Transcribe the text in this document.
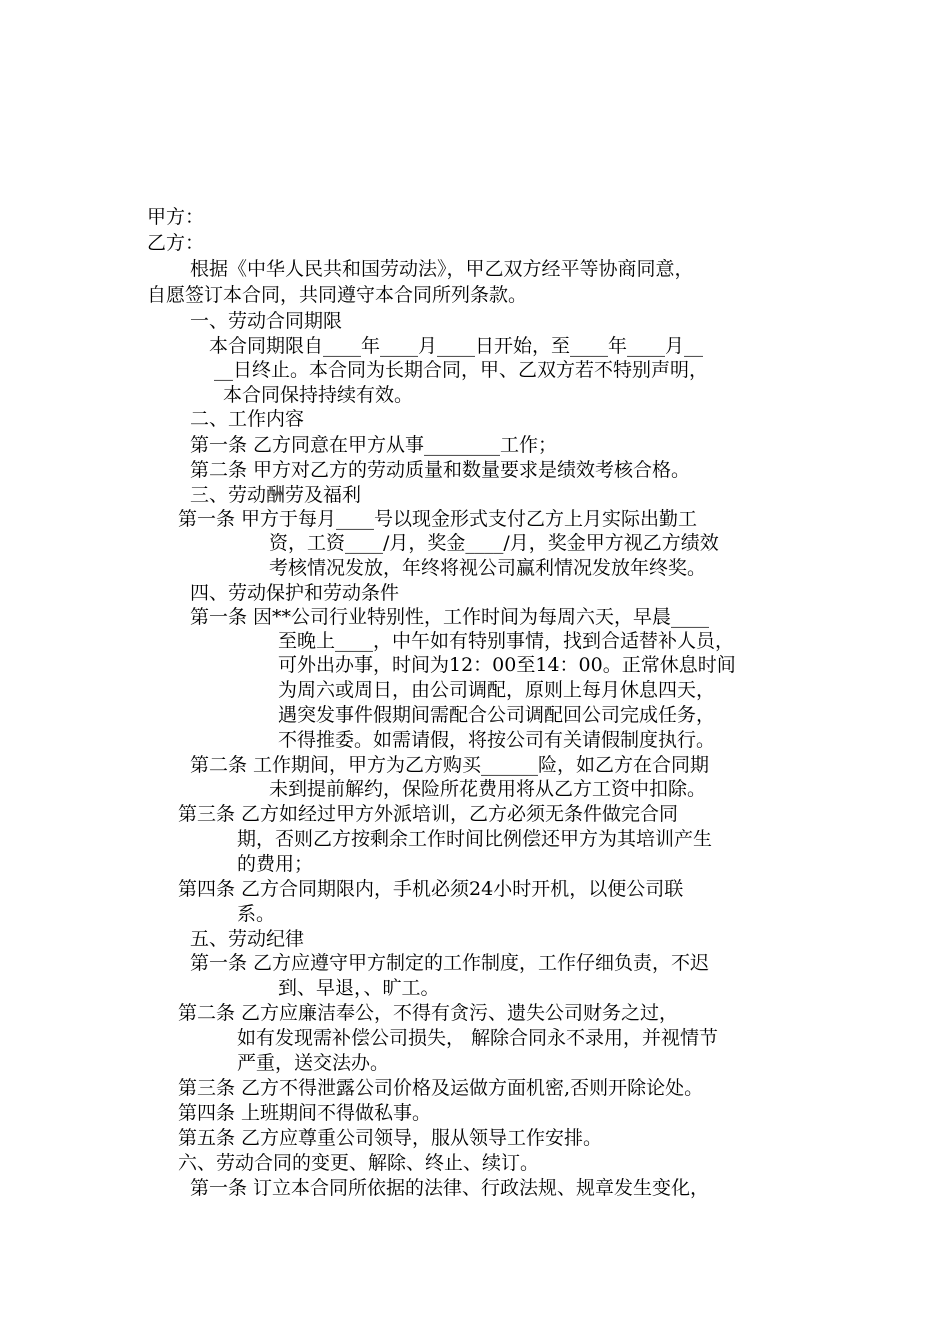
甲方：
乙方：
根据《中华人民共和国劳动法》，甲乙双方经平等协商同意，
自愿签订本合同，共同遵守本合同所列条款。
一、劳动合同期限
本合同期限自____年____月____日开始，至____年____月__
__日终止。本合同为长期合同，甲、乙双方若不特别声明，
本合同保持持续有效。
二、工作内容
第一条 乙方同意在甲方从事________工作；
第二条 甲方对乙方的劳动质量和数量要求是绩效考核合格。
三、劳动酬劳及福利
第一条 甲方于每月____号以现金形式支付乙方上月实际出勤工
资，工资____/月，奖金____/月，奖金甲方视乙方绩效
考核情况发放，年终将视公司赢利情况发放年终奖。
四、劳动保护和劳动条件
第一条 因**公司行业特别性，工作时间为每周六天，早晨____
至晚上____，中午如有特别事情，找到合适替补人员，
可外出办事，时间为12：00至14：00。正常休息时间
为周六或周日，由公司调配，原则上每月休息四天，
遇突发事件假期间需配合公司调配回公司完成任务，
不得推委。如需请假，将按公司有关请假制度执行。
第二条 工作期间，甲方为乙方购买______险，如乙方在合同期
未到提前解约，保险所花费用将从乙方工资中扣除。
第三条 乙方如经过甲方外派培训，乙方必须无条件做完合同
期，否则乙方按剩余工作时间比例偿还甲方为其培训产生
的费用；
第四条 乙方合同期限内，手机必须24小时开机，以便公司联
系。
五、劳动纪律
第一条 乙方应遵守甲方制定的工作制度，工作仔细负责，不迟
到、早退，、旷工。
第二条 乙方应廉洁奉公，不得有贪污、遗失公司财务之过，
如有发现需补偿公司损失， 解除合同永不录用，并视情节
严重，送交法办。
第三条 乙方不得泄露公司价格及运做方面机密,否则开除论处。
第四条 上班期间不得做私事。
第五条 乙方应尊重公司领导，服从领导工作安排。
六、劳动合同的变更、解除、终止、续订。
第一条 订立本合同所依据的法律、行政法规、规章发生变化，
